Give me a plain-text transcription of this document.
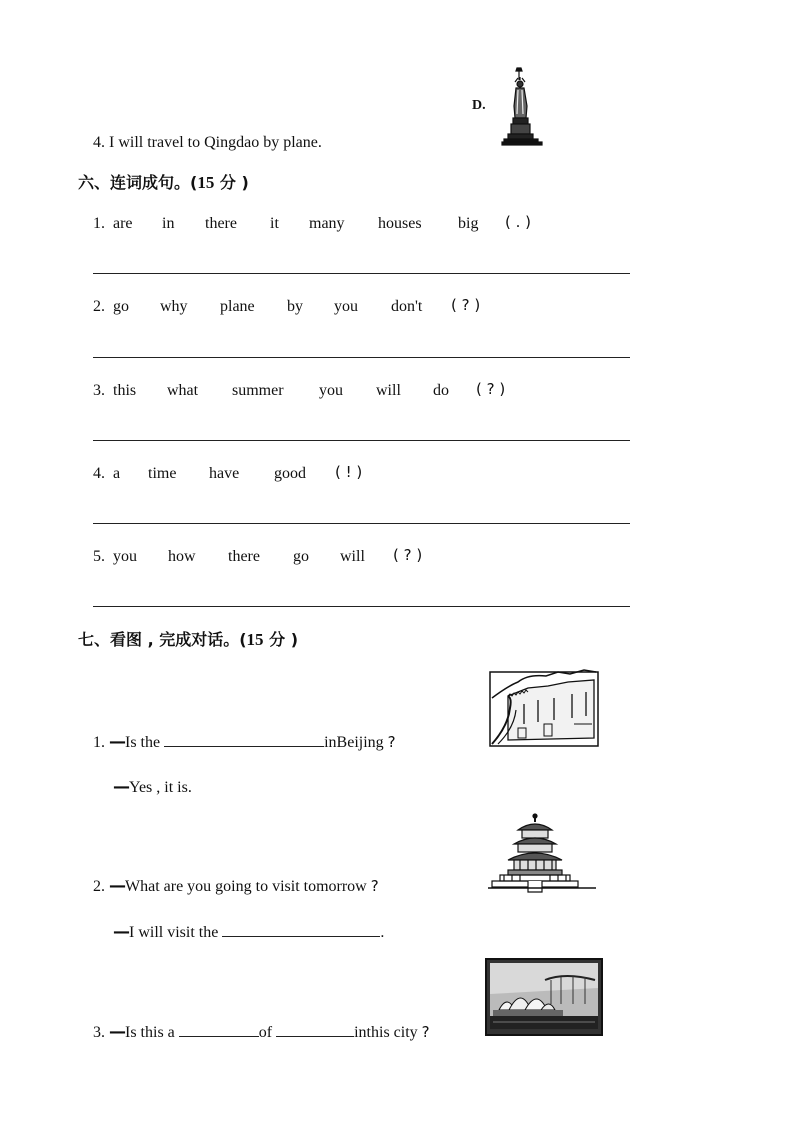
D.
4. I will travel to Qingdao by plane.
六、连词成句。(15 分 )
1. are in there it many houses big ( . )
2. go why plane by you don't ( ? )
3. this what summer you will do ( ? )
4. a time have good ( ! )
5. you how there go will ( ? )
七、看图 , 完成对话。(15 分 )
1. —Is the	inBeijing ?
—Yes , it is.
2. —What are you going to visit tomorrow ?
—I will visit the	.
3. —Is this a	of	inthis city ?
